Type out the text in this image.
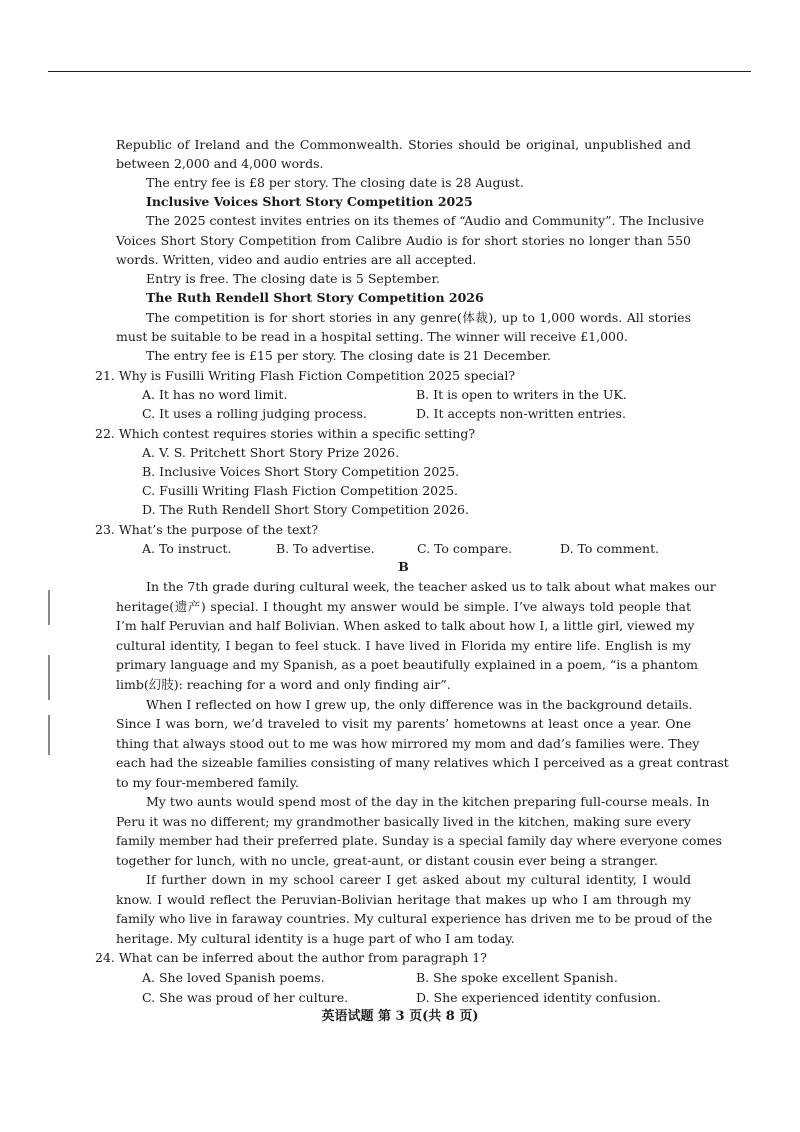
Republic of Ireland and the Commonwealth. Stories should be original, unpublished and
between 2,000 and 4,000 words.
The entry fee is £8 per story. The closing date is 28 August.
Inclusive Voices Short Story Competition 2025
The 2025 contest invites entries on its themes of “Audio and Community”. The Inclusive
Voices Short Story Competition from Calibre Audio is for short stories no longer than 550
words. Written, video and audio entries are all accepted.
Entry is free. The closing date is 5 September.
The Ruth Rendell Short Story Competition 2026
The competition is for short stories in any genre(体裁), up to 1,000 words. All stories
must be suitable to be read in a hospital setting. The winner will receive £1,000.
The entry fee is £15 per story. The closing date is 21 December.
21. Why is Fusilli Writing Flash Fiction Competition 2025 special?
A. It has no word limit.	B. It is open to writers in the UK.
C. It uses a rolling judging process.	D. It accepts non-written entries.
22. Which contest requires stories within a specific setting?
A. V. S. Pritchett Short Story Prize 2026.
B. Inclusive Voices Short Story Competition 2025.
C. Fusilli Writing Flash Fiction Competition 2025.
D. The Ruth Rendell Short Story Competition 2026.
23. What’s the purpose of the text?
A. To instruct.	B. To advertise.	C. To compare.	D. To comment.
B
In the 7th grade during cultural week, the teacher asked us to talk about what makes our
heritage(遗产) special. I thought my answer would be simple. I’ve always told people that
I’m half Peruvian and half Bolivian. When asked to talk about how I, a little girl, viewed my
cultural identity, I began to feel stuck. I have lived in Florida my entire life. English is my
primary language and my Spanish, as a poet beautifully explained in a poem, “is a phantom
limb(幻肢): reaching for a word and only finding air”.
When I reflected on how I grew up, the only difference was in the background details.
Since I was born, we’d traveled to visit my parents’ hometowns at least once a year. One
thing that always stood out to me was how mirrored my mom and dad’s families were. They
each had the sizeable families consisting of many relatives which I perceived as a great contrast
to my four-membered family.
My two aunts would spend most of the day in the kitchen preparing full-course meals. In
Peru it was no different; my grandmother basically lived in the kitchen, making sure every
family member had their preferred plate. Sunday is a special family day where everyone comes
together for lunch, with no uncle, great-aunt, or distant cousin ever being a stranger.
If further down in my school career I get asked about my cultural identity, I would
know. I would reflect the Peruvian-Bolivian heritage that makes up who I am through my
family who live in faraway countries. My cultural experience has driven me to be proud of the
heritage. My cultural identity is a huge part of who I am today.
24. What can be inferred about the author from paragraph 1?
A. She loved Spanish poems.	B. She spoke excellent Spanish.
C. She was proud of her culture.	D. She experienced identity confusion.
英语试题 第 3 页(共 8 页)
